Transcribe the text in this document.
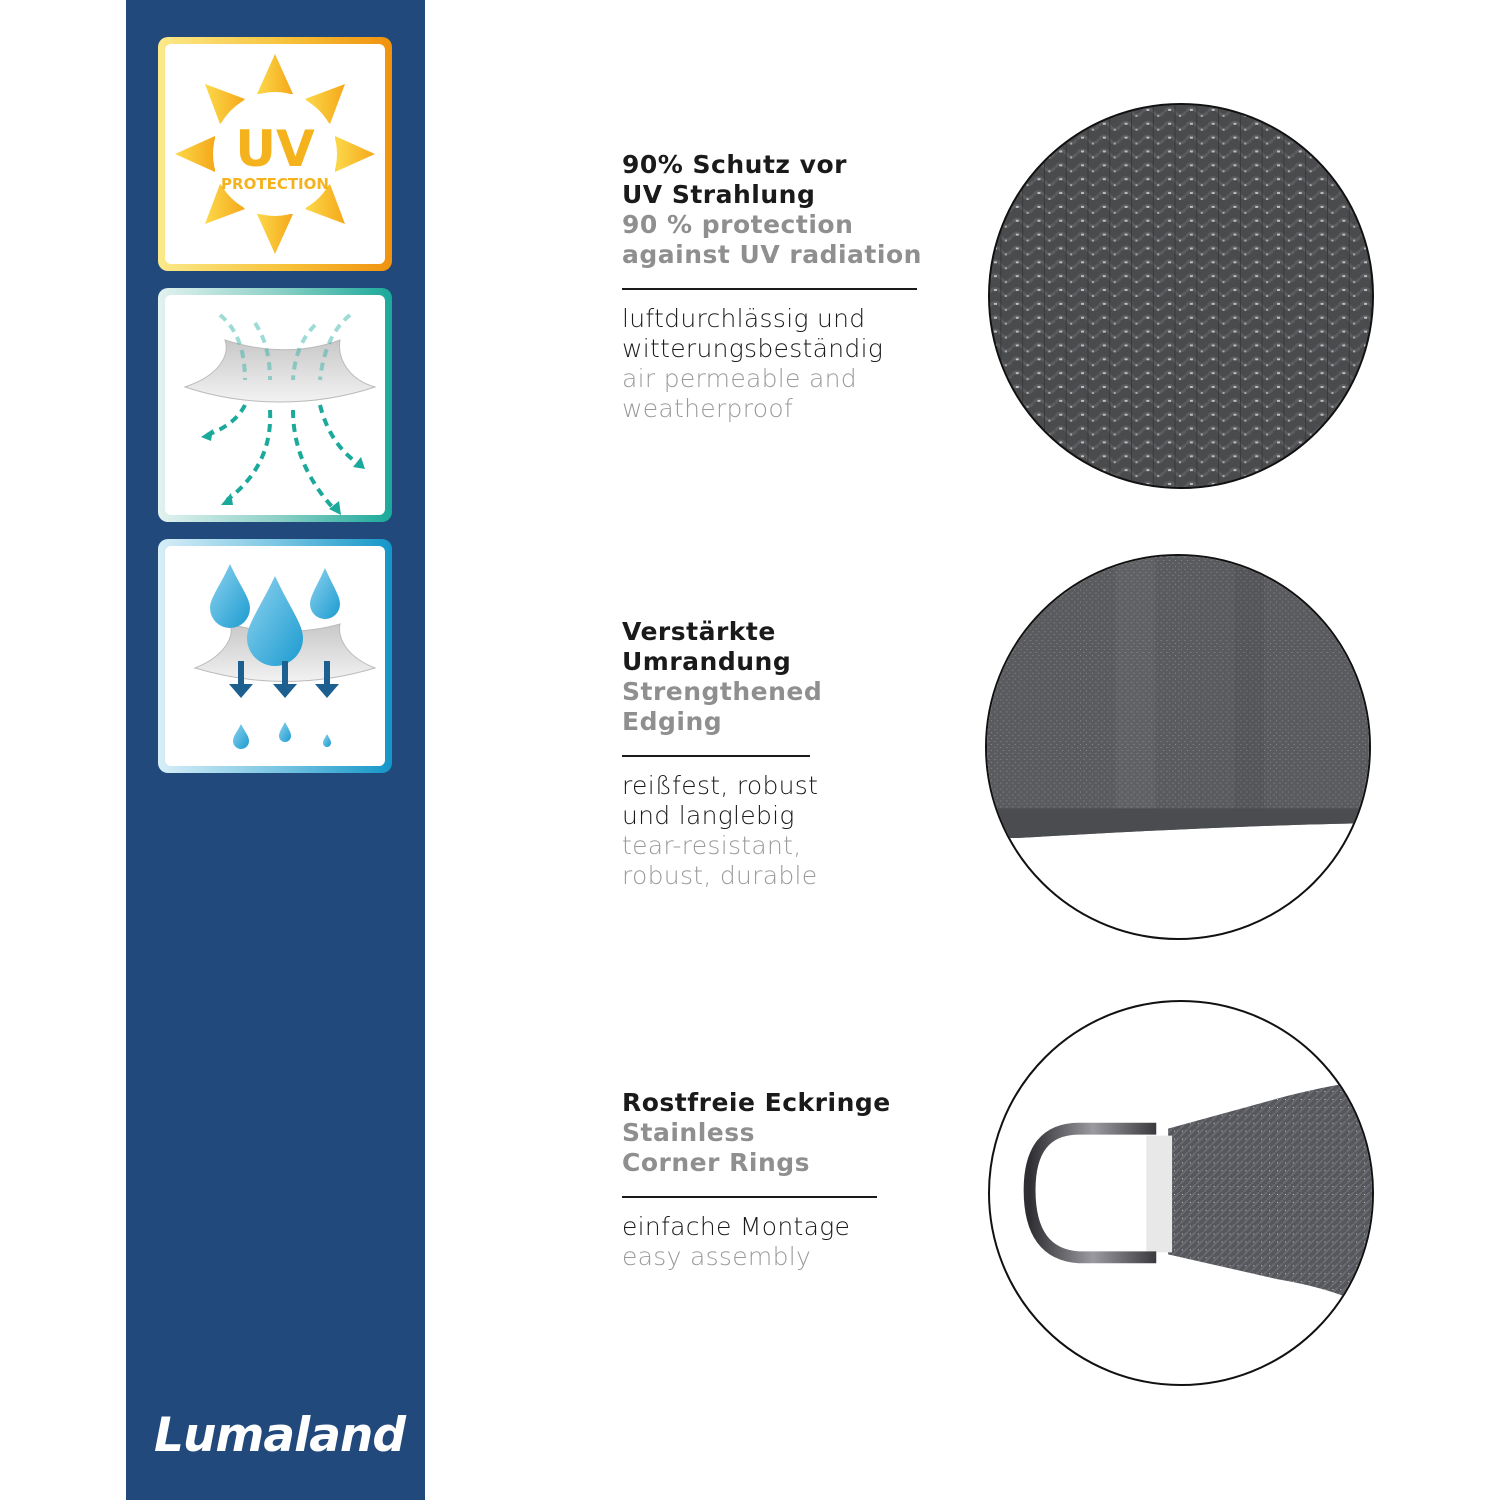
UV
PROTECTION
Lumaland
90% Schutz vor
UV Strahlung
90 % protection
against UV radiation
luftdurchlässig und
witterungsbeständig
air permeable and
weatherproof
Verstärkte
Umrandung
Strengthened
Edging
reißfest, robust
und langlebig
tear-resistant,
robust, durable
Rostfreie Eckringe
Stainless
Corner Rings
einfache Montage
easy assembly
